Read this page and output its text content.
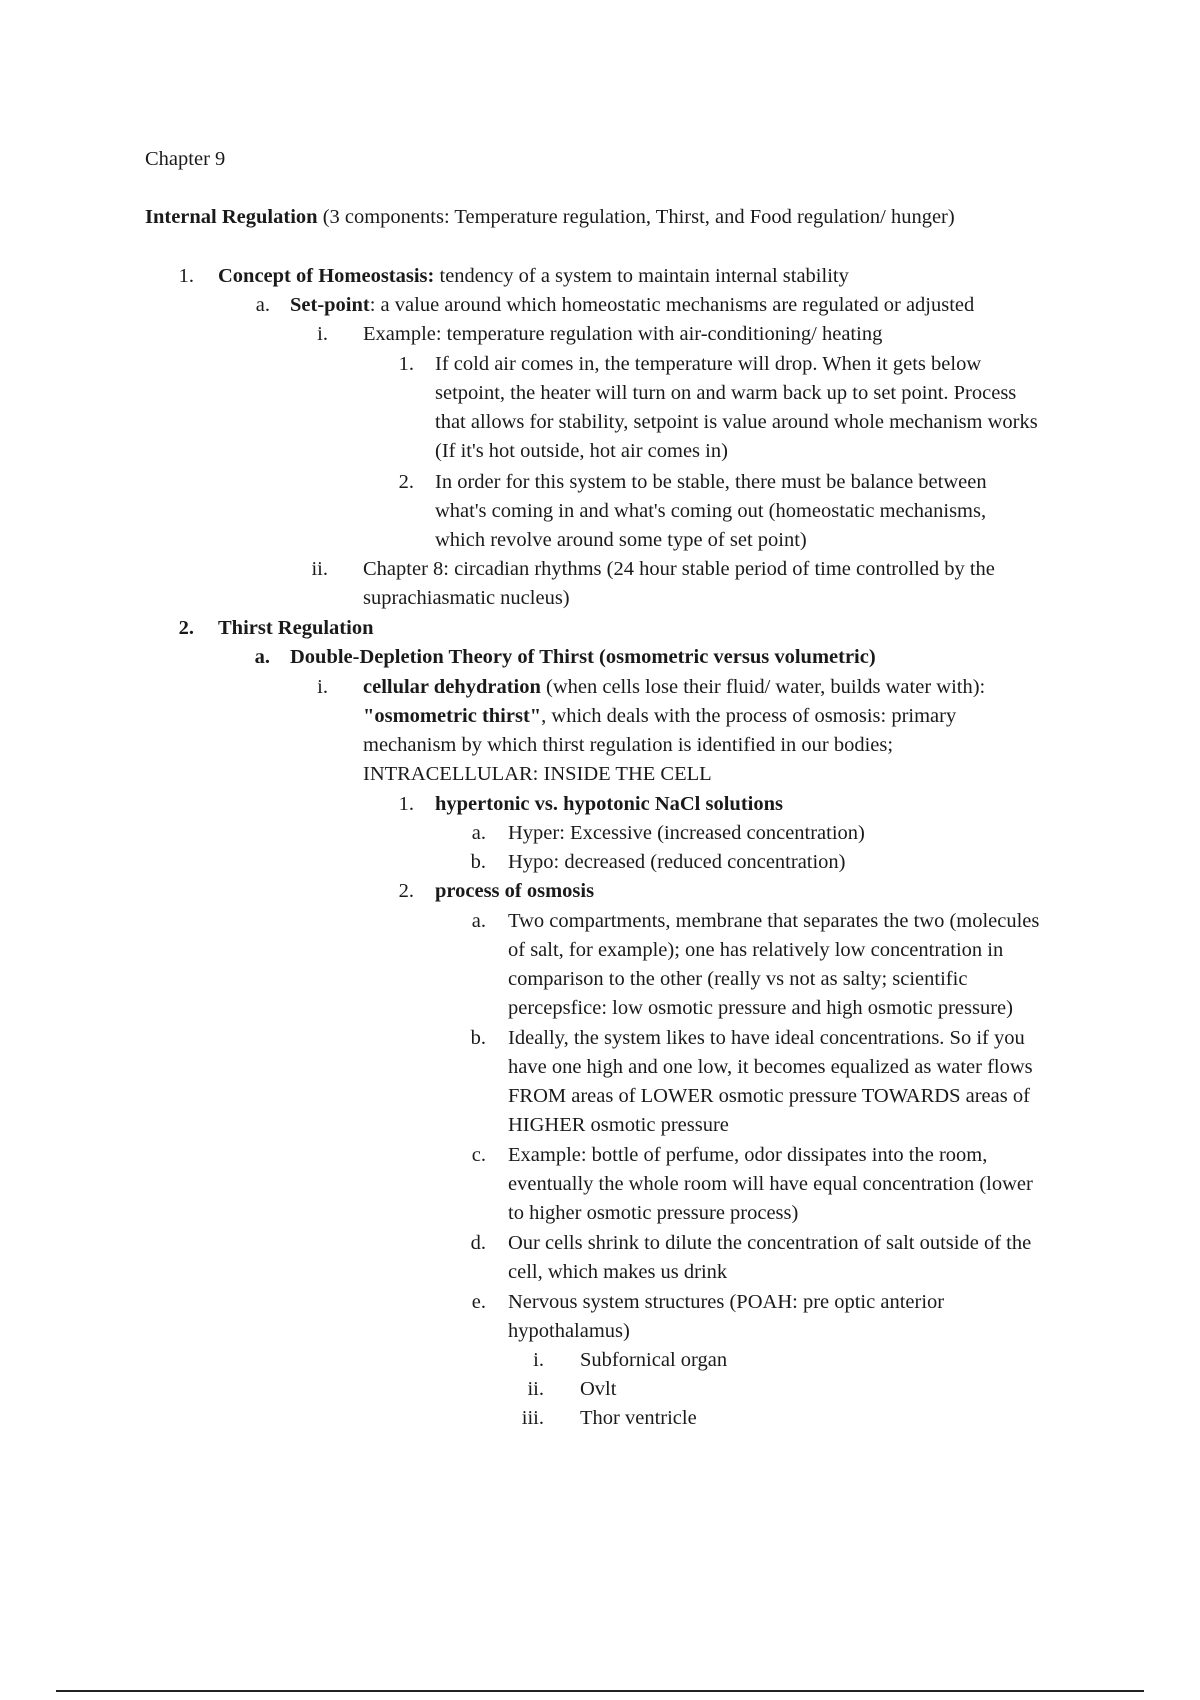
Chapter 9
Internal Regulation (3 components: Temperature regulation, Thirst, and Food regulation/ hunger)
1. Concept of Homeostasis: tendency of a system to maintain internal stability
a. Set-point: a value around which homeostatic mechanisms are regulated or adjusted
i. Example: temperature regulation with air-conditioning/ heating
1. If cold air comes in, the temperature will drop. When it gets below
setpoint, the heater will turn on and warm back up to set point. Process
that allows for stability, setpoint is value around whole mechanism works
(If it's hot outside, hot air comes in)
2. In order for this system to be stable, there must be balance between
what's coming in and what's coming out (homeostatic mechanisms,
which revolve around some type of set point)
ii. Chapter 8: circadian rhythms (24 hour stable period of time controlled by the
suprachiasmatic nucleus)
2. Thirst Regulation
a. Double-Depletion Theory of Thirst (osmometric versus volumetric)
i. cellular dehydration (when cells lose their fluid/ water, builds water with):
"osmometric thirst", which deals with the process of osmosis: primary
mechanism by which thirst regulation is identified in our bodies;
INTRACELLULAR: INSIDE THE CELL
1. hypertonic vs. hypotonic NaCl solutions
a. Hyper: Excessive (increased concentration)
b. Hypo: decreased (reduced concentration)
2. process of osmosis
a. Two compartments, membrane that separates the two (molecules
of salt, for example); one has relatively low concentration in
comparison to the other (really vs not as salty; scientific
percepsfice: low osmotic pressure and high osmotic pressure)
b. Ideally, the system likes to have ideal concentrations. So if you
have one high and one low, it becomes equalized as water flows
FROM areas of LOWER osmotic pressure TOWARDS areas of
HIGHER osmotic pressure
c. Example: bottle of perfume, odor dissipates into the room,
eventually the whole room will have equal concentration (lower
to higher osmotic pressure process)
d. Our cells shrink to dilute the concentration of salt outside of the
cell, which makes us drink
e. Nervous system structures (POAH: pre optic anterior
hypothalamus)
i. Subfornical organ
ii. Ovlt
iii. Thor ventricle
